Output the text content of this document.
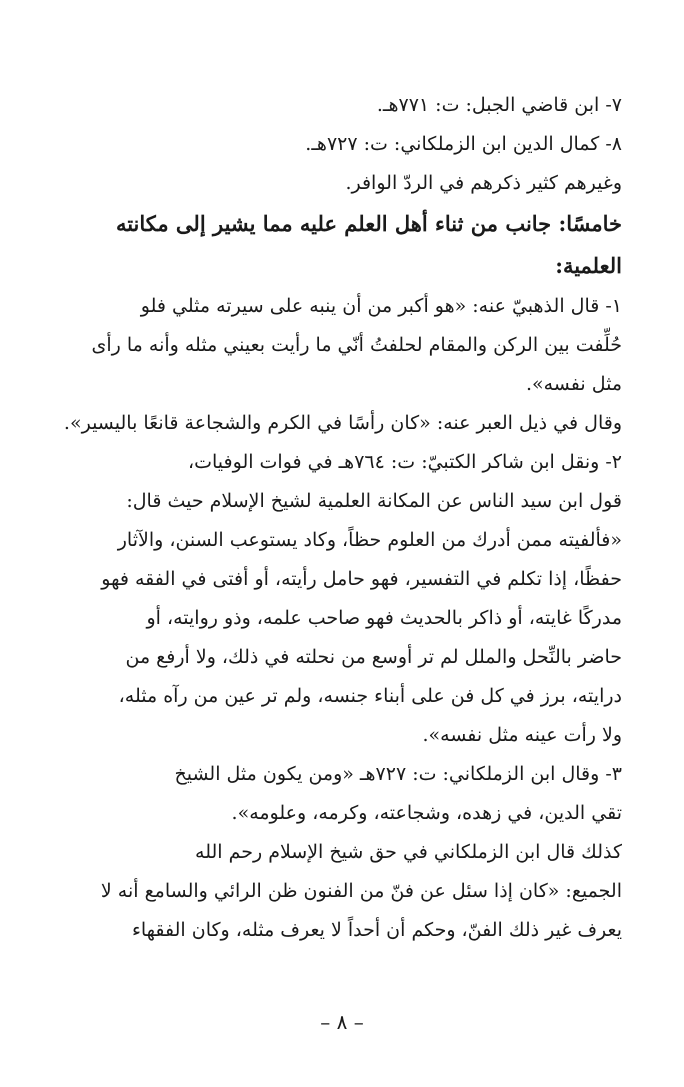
٧- ابن قاضي الجبل: ت: ٧٧١هـ.
٨- كمال الدين ابن الزملكاني: ت: ٧٢٧هـ.
وغيرهم كثير ذكرهم في الردّ الوافر.
خامسًا: جانب من ثناء أهل العلم عليه مما يشير إلى مكانته
العلمية:
١- قال الذهبيّ عنه: «هو أكبر من أن ينبه على سيرته مثلي فلو
حُلِّفت بين الركن والمقام لحلفتُ أنّي ما رأيت بعيني مثله وأنه ما رأى
مثل نفسه».
وقال في ذيل العبر عنه: «كان رأسًا في الكرم والشجاعة قانعًا باليسير».
٢- ونقل ابن شاكر الكتبيّ: ت: ٧٦٤هـ في فوات الوفيات،
قول ابن سيد الناس عن المكانة العلمية لشيخ الإسلام حيث قال:
«فألفيته ممن أدرك من العلوم حظاً، وكاد يستوعب السنن، والآثار
حفظًا، إذا تكلم في التفسير، فهو حامل رأيته، أو أفتى في الفقه فهو
مدركًا غايته، أو ذاكر بالحديث فهو صاحب علمه، وذو روايته، أو
حاضر بالنِّحل والملل لم تر أوسع من نحلته في ذلك، ولا أرفع من
درايته، برز في كل فن على أبناء جنسه، ولم تر عين من رآه مثله،
ولا رأت عينه مثل نفسه».
٣- وقال ابن الزملكاني: ت: ٧٢٧هـ «ومن يكون مثل الشيخ
تقي الدين، في زهده، وشجاعته، وكرمه، وعلومه».
كذلك قال ابن الزملكاني في حق شيخ الإسلام رحم الله
الجميع: «كان إذا سئل عن فنّ من الفنون ظن الرائي والسامع أنه لا
يعرف غير ذلك الفنّ، وحكم أن أحداً لا يعرف مثله، وكان الفقهاء
– ٨ –
